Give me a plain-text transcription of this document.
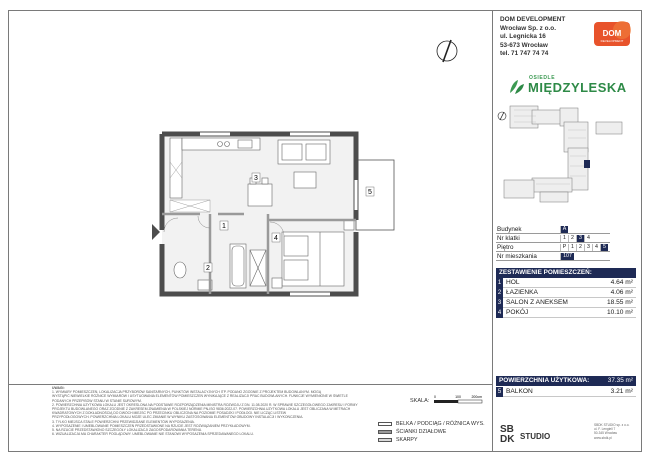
DOM DEVELOPMENT
Wrocław Sp. z o.o.
ul. Legnicka 16
53-673 Wrocław
tel. 71 747 74 74
DOM
DEVELOPMENT
OSIEDLE
MIĘDZYLESKA
Budynek	A
Nr klatki	1 2 3 4
Piętro	P 1 2 3 4 5
Nr mieszkania	107
ZESTAWIENIE POMIESZCZEŃ:
1 HOL	4.64 m²
2 ŁAZIENKA	4.06 m²
3 SALON Z ANEKSEM	18.55 m²
4 POKÓJ	10.10 m²
POWIERZCHNIA UŻYTKOWA:	37.35 m²
5 BALKON	3.21 m²
1
2
3
4
5
UWAGI:
1. WYMIARY POMIESZCZEŃ, LOKALIZACJA PRZYBORÓW SANITARNYCH, PUNKTÓW INSTALACYJNYCH ITP. PODANO ZGODNIE Z PROJEKTEM BUDOWLANYM. MOGĄ
WYSTĄPIĆ NIEWIELKIE RÓŻNICE WYMIARÓW I USYTUOWANIA ELEMENTÓW POMIESZCZEŃ WYNIKAJĄCE Z REALIZACJI PRAC BUDOWLANYCH. FUNKCJE WYMIENIONE W ŚWIETLE
PODANYCH PRZEPISÓW STANU W STANIE SUROWYM.
2. POWIERZCHNIA UŻYTKOWA LOKALU JEST OKREŚLONA NA PODSTAWIE ROZPORZĄDZENIA MINISTRA ROZWOJU Z DN. 11.08.2020 R. W SPRAWIE SZCZEGÓŁOWEGO ZAKRESU I FORMY
PROJEKTU BUDOWLANEGO ORAZ ZGODNIE Z ZAKRESEM ZNAMIENIA W POLSKIEJ NORMIE PN-ISO 9836:2022-07. POWIERZCHNIA UŻYTKOWA LOKALU JEST OBLICZANA W METRACH
KWADRATOWYCH Z DOKŁADNOŚCIĄ DO DWÓCH MIEJSC PO PRZECINKU OBLICZONA NA POZIOMIE POSADZKI I PODŁOGI. NIE LICZĄC LISTEW
PRZYPODŁOGOWYCH. POWIERZCHNIA LOKALU MOŻE ULEC ZMIANIE W WYNIKU ZASTOSOWANIA ELEMENTÓW OBUDOWY INSTALACJI I WYKOŃCZENIA.
3. TYLKO MIEJSCA STAŁE POWIERZCHNI PRZEWIDZIANE ELEMENTÓW WYPOSAŻENIA.
4. WYPOSAŻENIE I UMEBLOWANIE POMIESZCZEŃ PRZEDSTAWIONE NA RZUCIE JEST ROZWIĄZANIEM PRZYKŁADOWYM.
5. NA RZUCIE PRZEDSTAWIONO SZCZEGÓŁY LOKALIZACJI ZAGOSPODAROWANIA TERENU.
6. WIZUALIZACJA MA CHARAKTER POGLĄDOWY. UMEBLOWANIE NIE STANOWI WYPOSAŻENIA SPRZEDAWANEGO LOKALU.
SKALA:
0	100	200cm
BELKA / PODCIĄG / RÓŻNICA WYS.
ŚCIANKI DZIAŁOWE
SKARPY
SB
DK STUDIO
SBDK STUDIO sp. z o.o.
ul. F. Lengiell 7
50-345 Wrocław
www.sbdk.pl
